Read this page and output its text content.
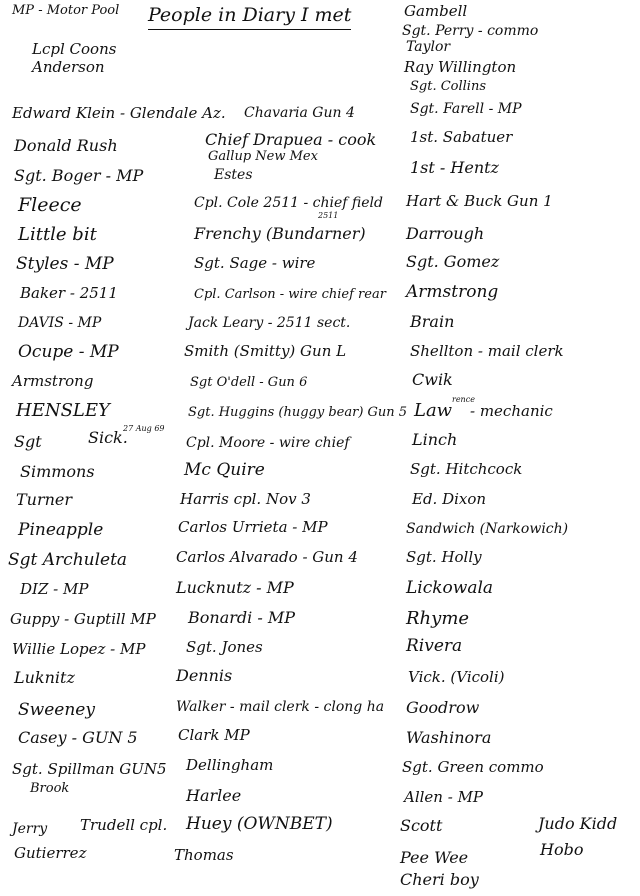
MP - Motor Pool People in Diary I met
Lcpl Coons
Anderson
Edward Klein - Glendale Az.
Donald Rush
Sgt. Boger - MP
Fleece
Little bit
Styles - MP
Baker - 2511
DAVIS - MP
Ocupe - MP
Armstrong
HENSLEY
Sgt	Sick.
27 Aug 69
Simmons
Turner
Pineapple
Sgt Archuleta
DIZ - MP
Guppy - Guptill MP
Willie Lopez - MP
Luknitz
Sweeney
Casey - GUN 5
Sgt. Spillman GUN5
Brook
Jerry Trudell cpl.
Gutierrez
Chavaria Gun 4
Chief Drapuea - cook
Gallup New Mex
Estes
Cpl. Cole 2511 - chief field
2511
Frenchy (Bundarner)
Sgt. Sage - wire
Cpl. Carlson - wire chief rear
Jack Leary - 2511 sect.
Smith (Smitty) Gun L
Sgt O'dell - Gun 6
Sgt. Huggins (huggy bear) Gun 5
Cpl. Moore - wire chief
Mc Quire
Harris cpl. Nov 3
Carlos Urrieta - MP
Carlos Alvarado - Gun 4
Lucknutz - MP
Bonardi - MP
Sgt. Jones
Dennis
Walker - mail clerk - clong ha
Clark MP
Dellingham
Harlee
Huey (OWNBET)
Thomas
Gambell
Sgt. Perry - commo
Taylor
Ray Willington
Sgt. Collins
Sgt. Farell - MP
1st. Sabatuer
1st - Hentz
Hart & Buck Gun 1
Darrough
Sgt. Gomez
Armstrong
Brain
Shellton - mail clerk
Cwik
Law
rence
- mechanic
Linch
Sgt. Hitchcock
Ed. Dixon
Sandwich (Narkowich)
Sgt. Holly
Lickowala
Rhyme
Rivera
Vick. (Vicoli)
Goodrow
Washinora
Sgt. Green commo
Allen - MP
Scott	Judo Kidd
Hobo
Pee Wee
Cheri boy
